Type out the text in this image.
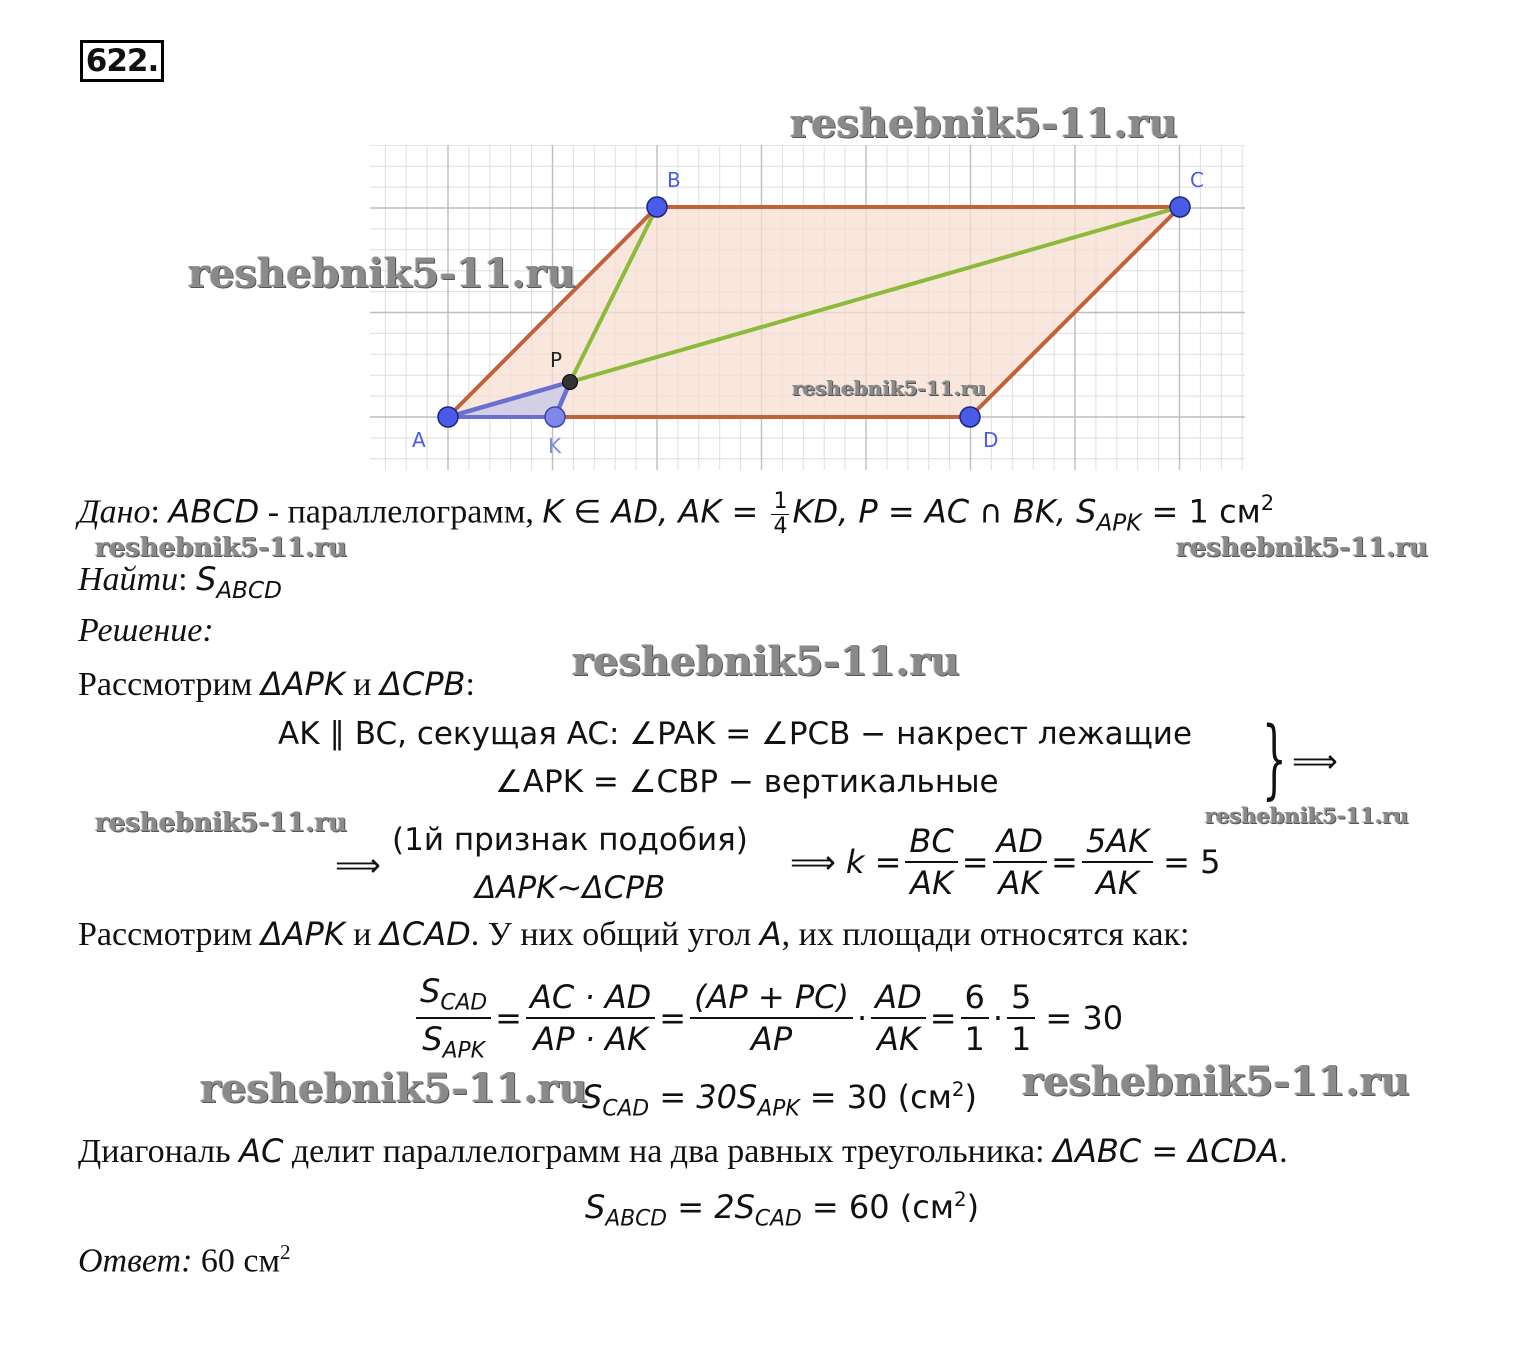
622.
A
B	C
D
K
P
reshebnik5-11.ru
reshebnik5-11.ru
reshebnik5-11.ru
reshebnik5-11.ru	reshebnik5-11.ru
reshebnik5-11.ru
reshebnik5-11.ru	reshebnik5-11.ru
reshebnik5-11.ru	reshebnik5-11.ru
Дано: ABCD - параллелограмм, K ∈ AD, AK = $\frac{1}{4}$ KD, P = AC ∩ BK, $S_{APK} = 1$ $см^2$
Найти: $S_{ABCD}$
Решение:
Рассмотрим ΔAPK и ΔCPB:
AK ∥ BC, секущая AC: ∠PAK = ∠PCB − накрест лежащие
∠APK = ∠CBP − вертикальные	} ⟹
⟹
(1й признак подобия)
ΔAPK~ΔCPB
⟹ $k = \frac{BC}{AK} = \frac{AD}{AK} = \frac{5AK}{AK} = 5$
Рассмотрим ΔAPK и ΔCAD. У них общий угол A, их площади относятся как:
$\frac{S_{CAD}}{S_{APK}} = \frac{AC \cdot AD}{AP \cdot AK} = \frac{(AP + PC)}{AP} \cdot \frac{AD}{AK} = \frac{6}{1} \cdot \frac{5}{1} = 30$
$S_{CAD} = 30S_{APK} = 30$ $(см^2)$
Диагональ AC делит параллелограмм на два равных треугольника: ΔABC = ΔCDA.
$S_{ABCD} = 2S_{CAD} = 60$ $(см^2)$
Ответ: 60 $см^2$
